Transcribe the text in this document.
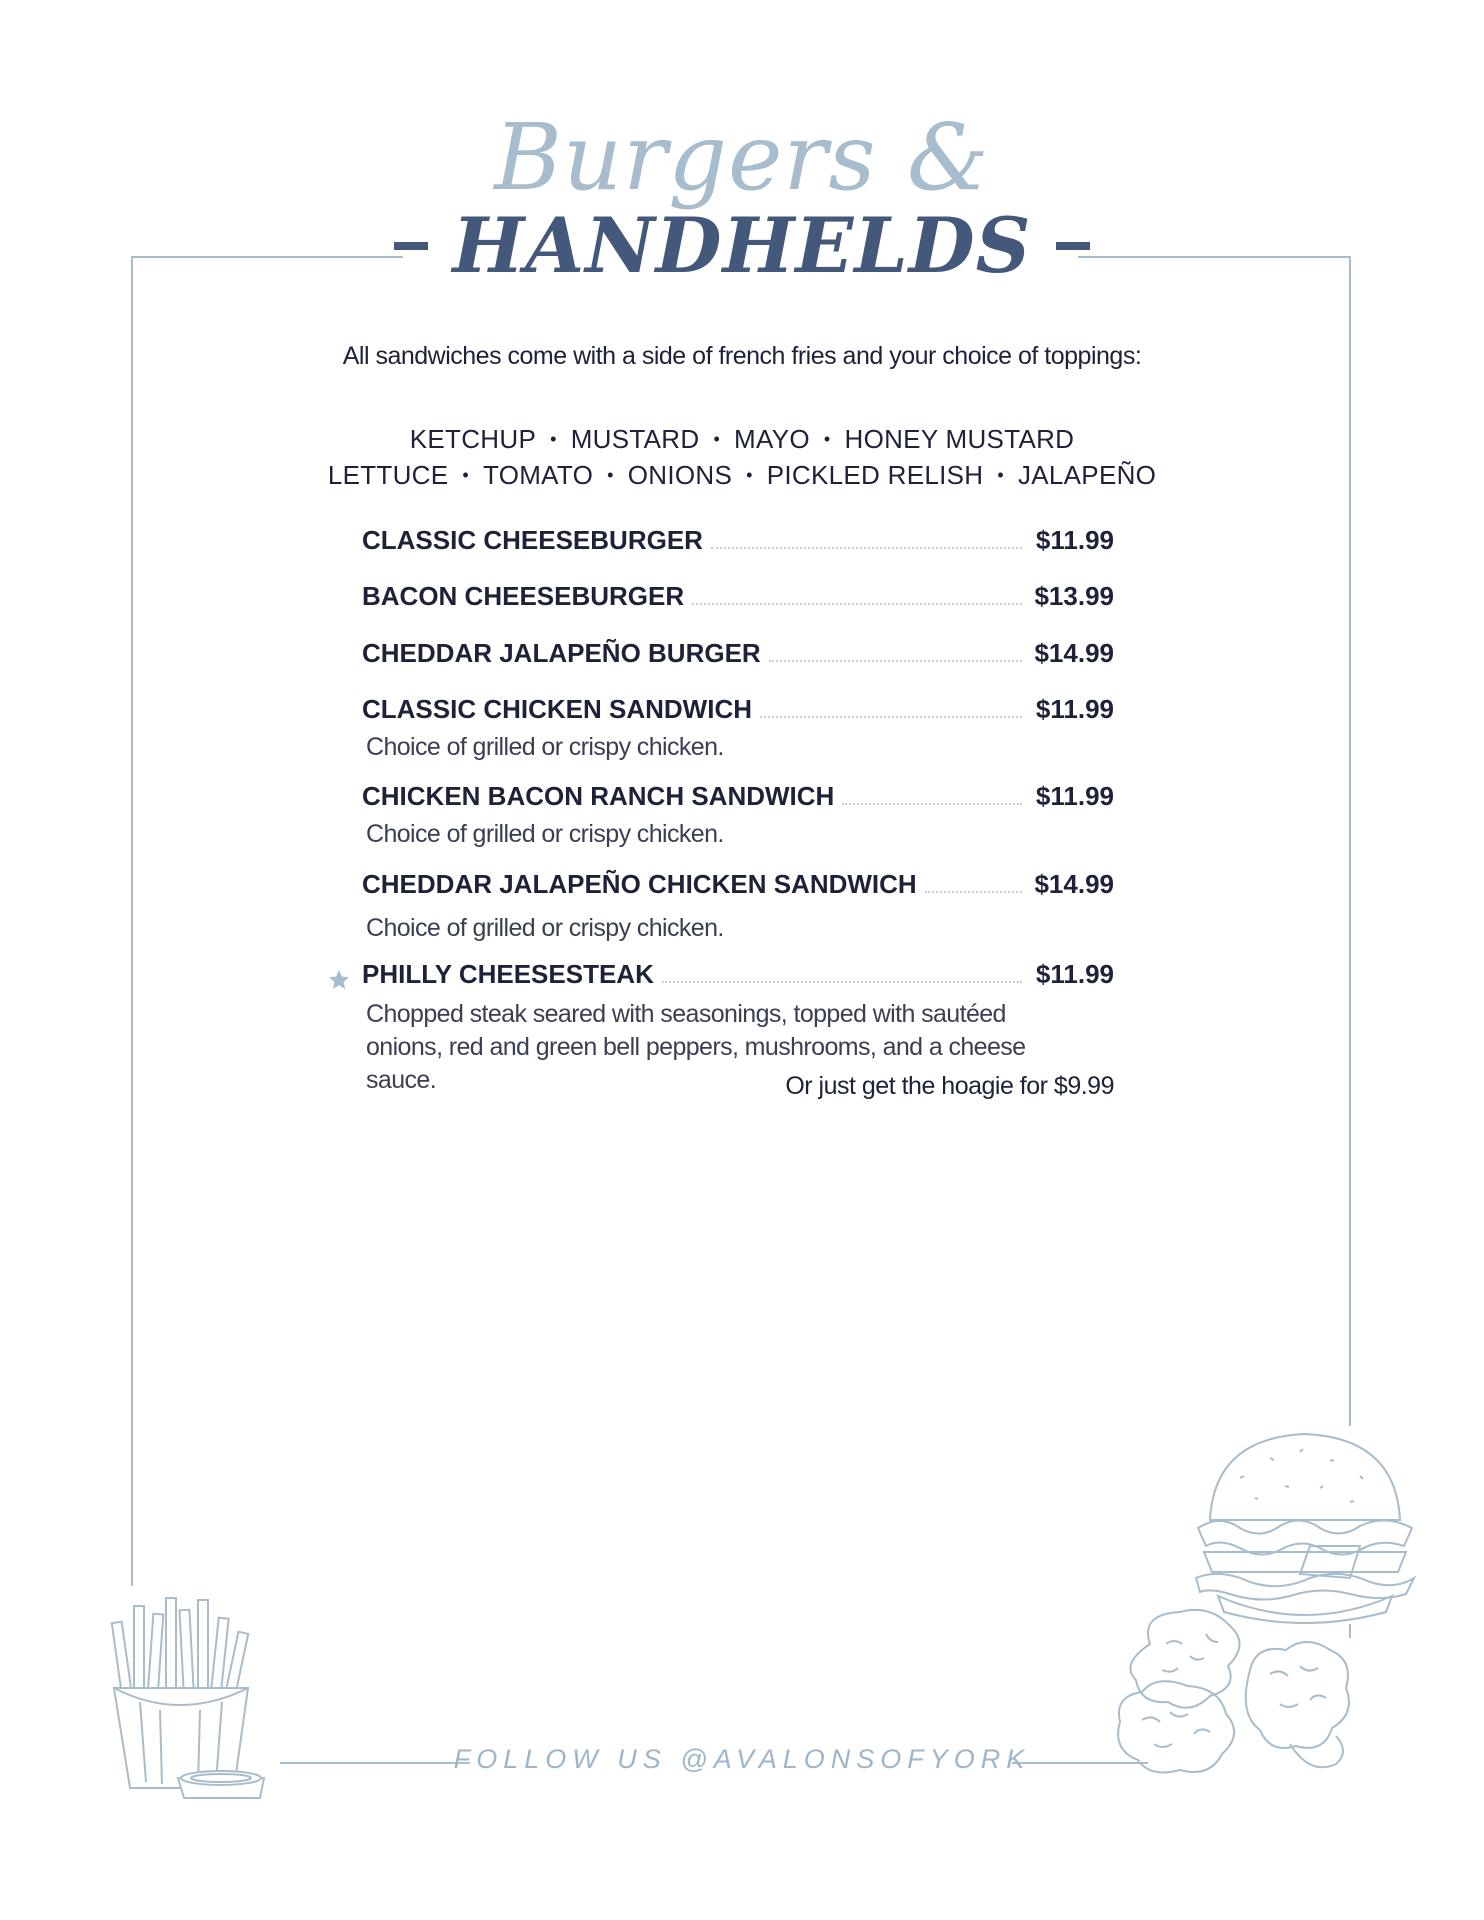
Burgers &
HANDHELDS
All sandwiches come with a side of french fries and your choice of toppings:
KETCHUP • MUSTARD • MAYO • HONEY MUSTARD
LETTUCE • TOMATO • ONIONS • PICKLED RELISH • JALAPEÑO
CLASSIC CHEESEBURGER	$11.99
BACON CHEESEBURGER	$13.99
CHEDDAR JALAPEÑO BURGER	$14.99
CLASSIC CHICKEN SANDWICH	$11.99
Choice of grilled or crispy chicken.
CHICKEN BACON RANCH SANDWICH	$11.99
Choice of grilled or crispy chicken.
CHEDDAR JALAPEÑO CHICKEN SANDWICH	$14.99
Choice of grilled or crispy chicken.
PHILLY CHEESESTEAK	$11.99
Chopped steak seared with seasonings, topped with sautéed onions, red and green bell peppers, mushrooms, and a cheese sauce.	Or just get the hoagie for $9.99
FOLLOW US @AVALONSOFYORK
